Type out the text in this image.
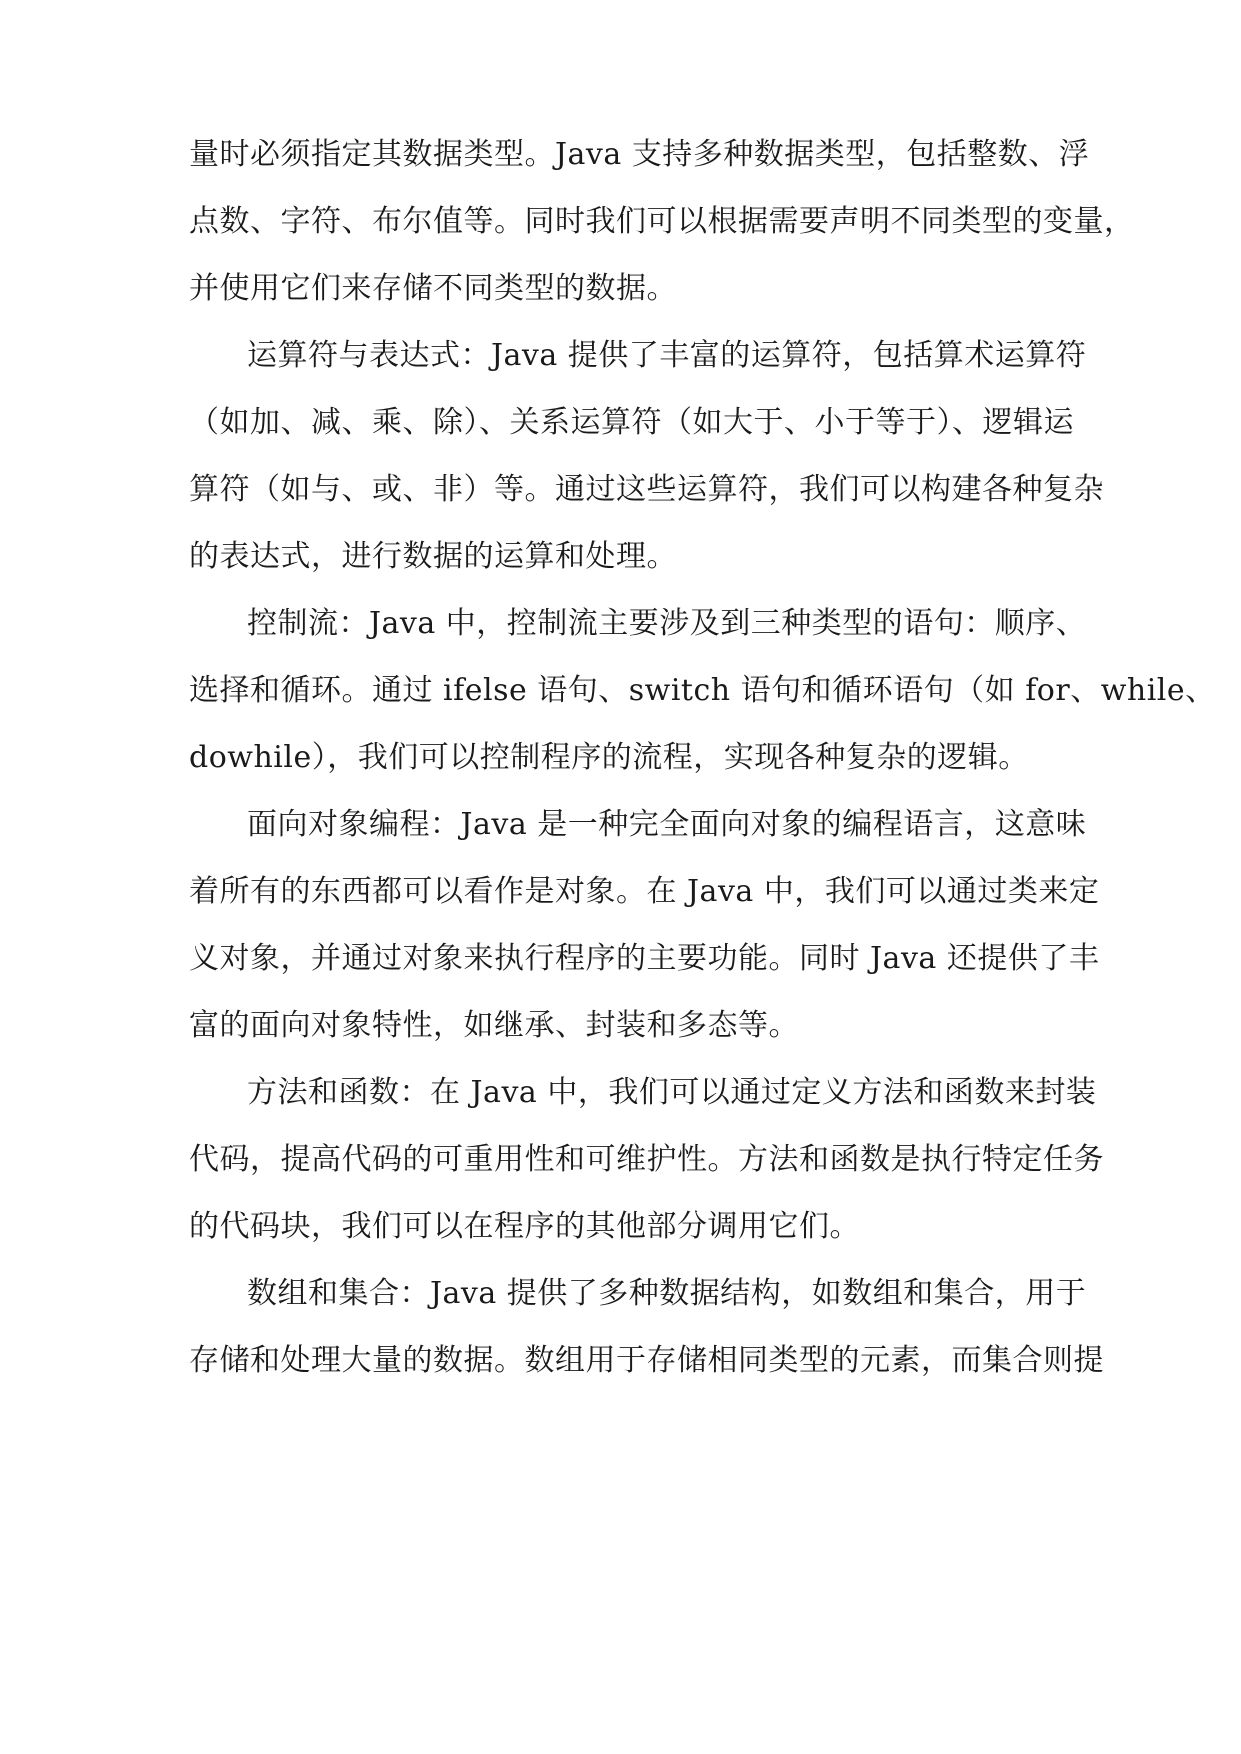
量时必须指定其数据类型。Java 支持多种数据类型，包括整数、浮
点数、字符、布尔值等。同时我们可以根据需要声明不同类型的变量，
并使用它们来存储不同类型的数据。
运算符与表达式：Java 提供了丰富的运算符，包括算术运算符
（如加、减、乘、除）、关系运算符（如大于、小于等于）、逻辑运
算符（如与、或、非）等。通过这些运算符，我们可以构建各种复杂
的表达式，进行数据的运算和处理。
控制流：Java 中，控制流主要涉及到三种类型的语句：顺序、
选择和循环。通过 ifelse 语句、switch 语句和循环语句（如 for、while、
dowhile），我们可以控制程序的流程，实现各种复杂的逻辑。
面向对象编程：Java 是一种完全面向对象的编程语言，这意味
着所有的东西都可以看作是对象。在 Java 中，我们可以通过类来定
义对象，并通过对象来执行程序的主要功能。同时 Java 还提供了丰
富的面向对象特性，如继承、封装和多态等。
方法和函数：在 Java 中，我们可以通过定义方法和函数来封装
代码，提高代码的可重用性和可维护性。方法和函数是执行特定任务
的代码块，我们可以在程序的其他部分调用它们。
数组和集合：Java 提供了多种数据结构，如数组和集合，用于
存储和处理大量的数据。数组用于存储相同类型的元素，而集合则提
